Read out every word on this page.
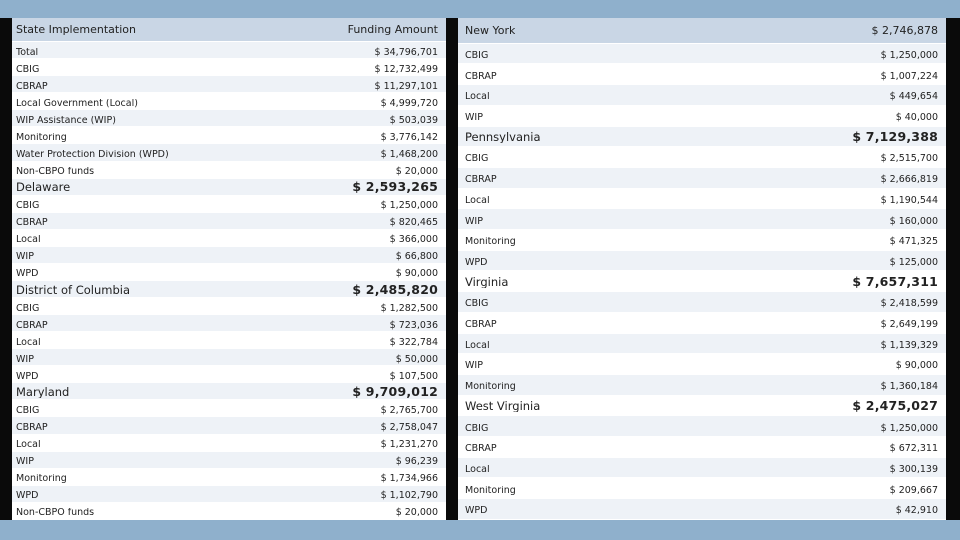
State Implementation	Funding Amount
Total	$ 34,796,701
CBIG	$ 12,732,499
CBRAP	$ 11,297,101
Local Government (Local)	$ 4,999,720
WIP Assistance (WIP)	$ 503,039
Monitoring	$ 3,776,142
Water Protection Division (WPD)	$ 1,468,200
Non-CBPO funds	$ 20,000
Delaware	$ 2,593,265
CBIG	$ 1,250,000
CBRAP	$ 820,465
Local	$ 366,000
WIP	$ 66,800
WPD	$ 90,000
District of Columbia	$ 2,485,820
CBIG	$ 1,282,500
CBRAP	$ 723,036
Local	$ 322,784
WIP	$ 50,000
WPD	$ 107,500
Maryland	$ 9,709,012
CBIG	$ 2,765,700
CBRAP	$ 2,758,047
Local	$ 1,231,270
WIP	$ 96,239
Monitoring	$ 1,734,966
WPD	$ 1,102,790
Non-CBPO funds	$ 20,000
New York	$ 2,746,878
CBIG	$ 1,250,000
CBRAP	$ 1,007,224
Local	$ 449,654
WIP	$ 40,000
Pennsylvania	$ 7,129,388
CBIG	$ 2,515,700
CBRAP	$ 2,666,819
Local	$ 1,190,544
WIP	$ 160,000
Monitoring	$ 471,325
WPD	$ 125,000
Virginia	$ 7,657,311
CBIG	$ 2,418,599
CBRAP	$ 2,649,199
Local	$ 1,139,329
WIP	$ 90,000
Monitoring	$ 1,360,184
West Virginia	$ 2,475,027
CBIG	$ 1,250,000
CBRAP	$ 672,311
Local	$ 300,139
Monitoring	$ 209,667
WPD	$ 42,910
